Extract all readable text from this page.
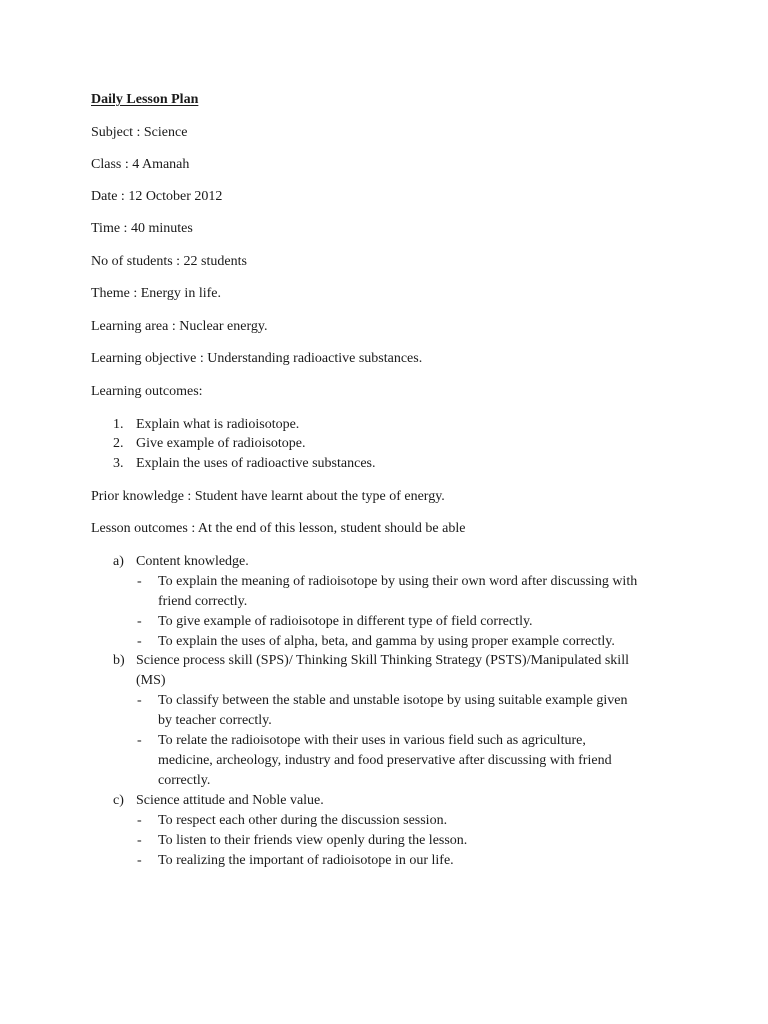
Daily Lesson Plan
Subject : Science
Class : 4 Amanah
Date : 12 October 2012
Time : 40 minutes
No of students : 22 students
Theme : Energy in life.
Learning area : Nuclear energy.
Learning objective : Understanding radioactive substances.
Learning outcomes:
1. Explain what is radioisotope.
2. Give example of radioisotope.
3. Explain the uses of radioactive substances.
Prior knowledge : Student have learnt about the type of energy.
Lesson outcomes : At the end of this lesson, student should be able
a) Content knowledge.
- To explain the meaning of radioisotope by using their own word after discussing with
friend correctly.
- To give example of radioisotope in different type of field correctly.
- To explain the uses of alpha, beta, and gamma by using proper example correctly.
b) Science process skill (SPS)/ Thinking Skill Thinking Strategy (PSTS)/Manipulated skill
(MS)
- To classify between the stable and unstable isotope by using suitable example given
by teacher correctly.
- To relate the radioisotope with their uses in various field such as agriculture,
medicine, archeology, industry and food preservative after discussing with friend
correctly.
c) Science attitude and Noble value.
- To respect each other during the discussion session.
- To listen to their friends view openly during the lesson.
- To realizing the important of radioisotope in our life.
